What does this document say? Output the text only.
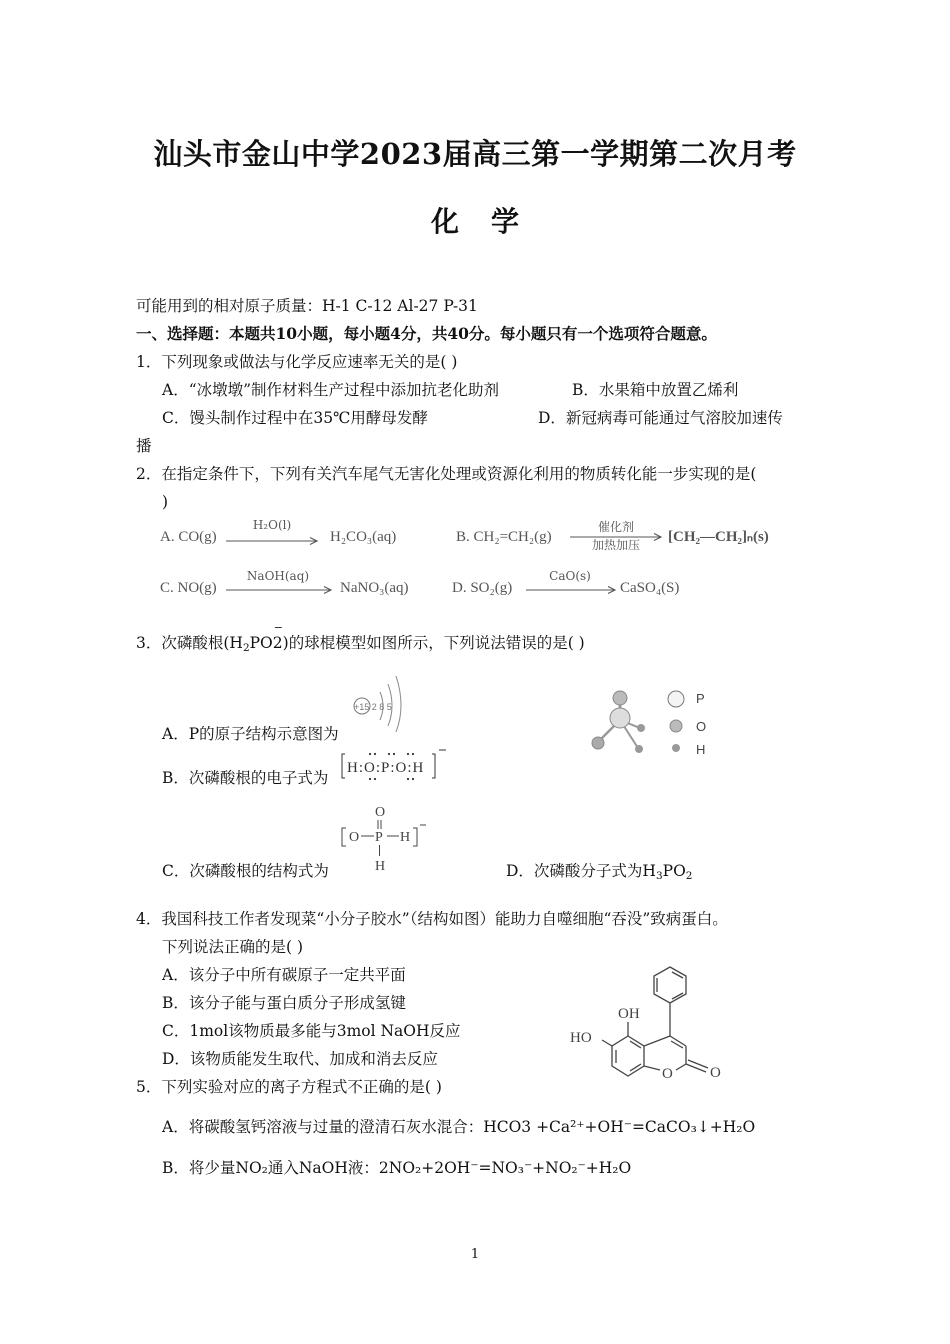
汕头市金山中学2023届高三第一学期第二次月考
化学
可能用到的相对原子质量：H-1 C-12 Al-27 P-31
一、选择题：本题共10小题，每小题4分，共40分。每小题只有一个选项符合题意。
1．下列现象或做法与化学反应速率无关的是( )
A．“冰墩墩”制作材料生产过程中添加抗老化助剂	B．水果箱中放置乙烯利
C．馒头制作过程中在35℃用酵母发酵	D．新冠病毒可能通过气溶胶加速传
播
2．在指定条件下，下列有关汽车尾气无害化处理或资源化利用的物质转化能一步实现的是(
)
A. CO(g)
H₂O(l)
H₂CO₃(aq)	B. CH₂=CH₂(g)
催化剂
加热加压	[CH₂—CH₂]ₙ(s)
C. NO(g)
NaOH(aq)
NaNO₃(aq)	D. SO₂(g)
CaO(s)
CaSO₄(S)
3．次磷酸根($H_2PO$
−
2)的球棍模型如图所示，下列说法错误的是( )
+15 2 8 5
A．P的原子结构示意图为
B．次磷酸根的电子式为
H:O:P:O:H
P
O
H
O
O P H
H
C．次磷酸根的结构式为	D．次磷酸分子式为$H_3PO_2$
4．我国科技工作者发现菜“小分子胶水”（结构如图）能助力自噬细胞“吞没”致病蛋白。
下列说法正确的是( )
A．该分子中所有碳原子一定共平面
B．该分子能与蛋白质分子形成氢键
C．1mol该物质最多能与3mol NaOH反应
D．该物质能发生取代、加成和消去反应
OH
HO
O O
5．下列实验对应的离子方程式不正确的是( )
A．将碳酸氢钙溶液与过量的澄清石灰水混合：HCO3 +Ca²⁺+OH⁻=CaCO₃↓+H₂O
B．将少量NO₂通入NaOH液：2NO₂+2OH⁻=NO₃⁻+NO₂⁻+H₂O
1
